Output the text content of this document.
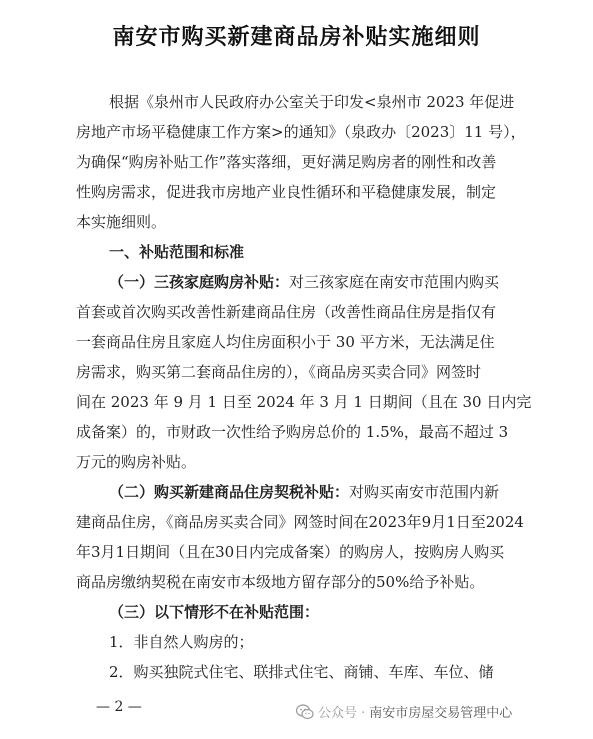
南安市购买新建商品房补贴实施细则
根据《泉州市人民政府办公室关于印发<泉州市 2023 年促进
房地产市场平稳健康工作方案>的通知》（泉政办〔2023〕11 号），
为确保“购房补贴工作”落实落细，更好满足购房者的刚性和改善
性购房需求，促进我市房地产业良性循环和平稳健康发展，制定
本实施细则。
一、补贴范围和标准
（一）三孩家庭购房补贴：对三孩家庭在南安市范围内购买
首套或首次购买改善性新建商品住房（改善性商品住房是指仅有
一套商品住房且家庭人均住房面积小于 30 平方米，无法满足住
房需求，购买第二套商品住房的），《商品房买卖合同》网签时
间在 2023 年 9 月 1 日至 2024 年 3 月 1 日期间（且在 30 日内完
成备案）的，市财政一次性给予购房总价的 1.5%，最高不超过 3
万元的购房补贴。
（二）购买新建商品住房契税补贴：对购买南安市范围内新
建商品住房，《商品房买卖合同》网签时间在2023年9月1日至2024
年3月1日期间（且在30日内完成备案）的购房人，按购房人购买
商品房缴纳契税在南安市本级地方留存部分的50%给予补贴。
（三）以下情形不在补贴范围：
1．非自然人购房的；
2．购买独院式住宅、联排式住宅、商铺、车库、车位、储
— 2 —	公众号 · 南安市房屋交易管理中心
